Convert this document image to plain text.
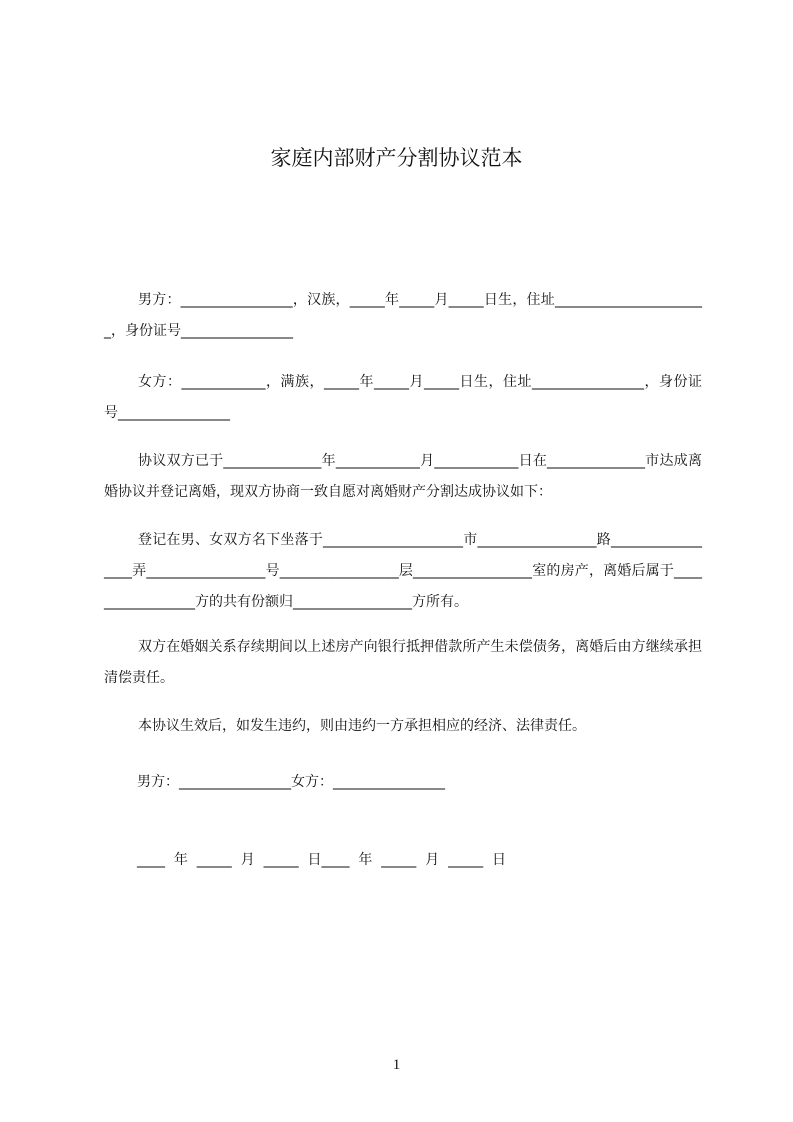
家庭内部财产分割协议范本
男方：________________，汉族，_____年_____月_____日生，住址______________________，身份证号________________
女方：____________，满族，_____年_____月_____日生，住址________________，身份证号________________
协议双方已于______________年____________月____________日在______________市达成离婚协议并登记离婚，现双方协商一致自愿对离婚财产分割达成协议如下：
登记在男、女双方名下坐落于____________________市_________________路_________________弄_________________号_________________层_________________室的房产，离婚后属于_________________方的共有份额归_________________方所有。
双方在婚姻关系存续期间以上述房产向银行抵押借款所产生未偿债务，离婚后由方继续承担清偿责任。
本协议生效后，如发生违约，则由违约一方承担相应的经济、法律责任。
男方：________________女方：________________
____  年  _____  月  _____  日____  年  _____  月  _____  日
1
